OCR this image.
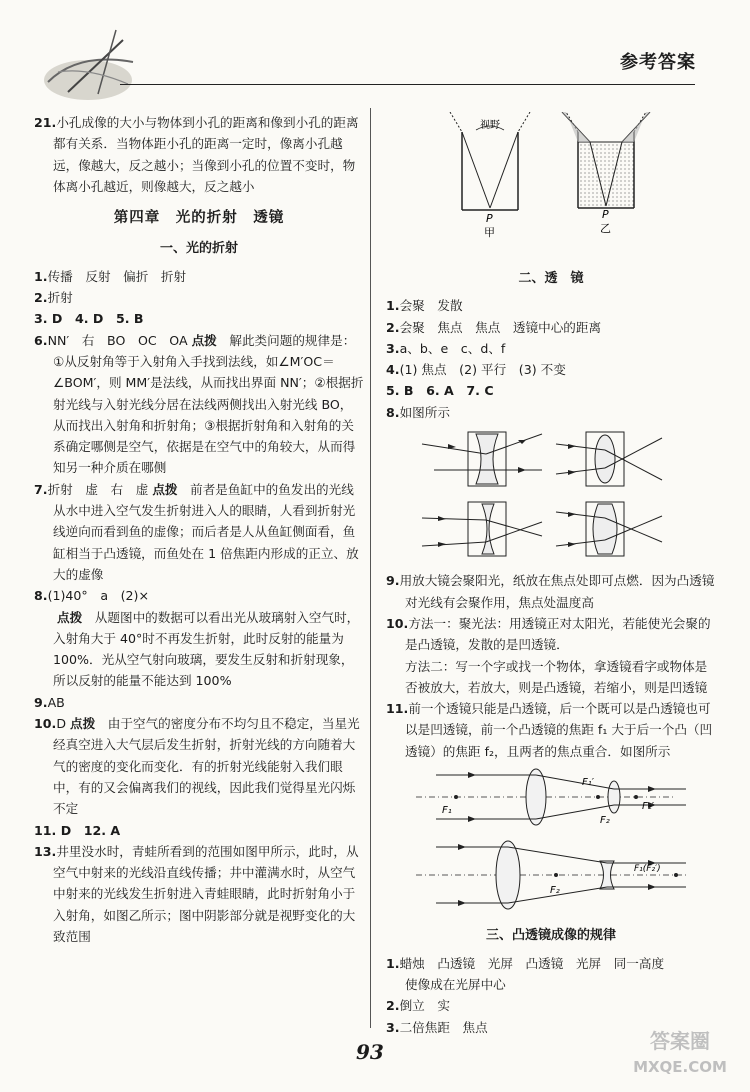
参考答案

21.小孔成像的大小与物体到小孔的距离和像到小孔的距离都有关系．当物体距小孔的距离一定时，像离小孔越远，像越大，反之越小；当像到小孔的位置不变时，物体离小孔越近，则像越大，反之越小

第四章　光的折射　透镜
一、光的折射

1.传播　反射　偏折　折射

2.折射

3. D　4. D　5. B

6.NN′　右　BO　OC　OA 点拨　 解此类问题的规律是：①从反射角等于入射角入手找到法线，如∠M′OC＝∠BOM′，则 MM′是法线，从而找出界面 NN′；②根据折射光线与入射光线分居在法线两侧找出入射光线 BO，从而找出入射角和折射角；③根据折射角和入射角的关系确定哪侧是空气，依据是在空气中的角较大，从而得知另一种介质在哪侧

7.折射　虚　右　虚 点拨　 前者是鱼缸中的鱼发出的光线从水中进入空气发生折射进入人的眼睛，人看到折射光线逆向而看到鱼的虚像；而后者是人从鱼缸侧面看，鱼缸相当于凸透镜，而鱼处在 1 倍焦距内形成的正立、放大的虚像

8.(1)40°　a　(2)×

点拨　 从题图中的数据可以看出光从玻璃射入空气时，入射角大于 40°时不再发生折射，此时反射的能量为 100%．光从空气射向玻璃，要发生反射和折射现象，所以反射的能量不能达到 100%

9.AB

10.D 点拨　 由于空气的密度分布不均匀且不稳定，当星光经真空进入大气层后发生折射，折射光线的方向随着大气的密度的变化而变化．有的折射光线能射入我们眼中，有的又会偏离我们的视线，因此我们觉得星光闪烁不定

11. D　12. A

13.井里没水时，青蛙所看到的范围如图甲所示，此时，从空气中射来的光线沿直线传播；井中灌满水时，从空气中射来的光线发生折射进入青蛙眼睛，此时折射角小于入射角，如图乙所示；图中阴影部分就是视野变化的大致范围

视野
P
甲
P
乙
二、透　镜

1.会聚　发散

2.会聚　焦点　焦点　透镜中心的距离

3.a、b、e　c、d、f

4.(1) 焦点　(2) 平行　(3) 不变

5. B　6. A　7. C

8.如图所示

9.用放大镜会聚阳光，纸放在焦点处即可点燃．因为凸透镜对光线有会聚作用，焦点处温度高

10.方法一：聚光法：用透镜正对太阳光，若能使光会聚的是凸透镜，发散的是凹透镜．

方法二：写一个字或找一个物体，拿透镜看字或物体是否被放大，若放大，则是凸透镜，若缩小，则是凹透镜

11.前一个透镜只能是凸透镜，后一个既可以是凸透镜也可以是凹透镜，前一个凸透镜的焦距 f₁ 大于后一个凸（凹透镜）的焦距 f₂，且两者的焦点重合．如图所示

F₁
F₁′
F₂
F₂′
F₂
F₁(F₂′)
三、凸透镜成像的规律

1.蜡烛　凸透镜　光屏　凸透镜　光屏　同一高度

使像成在光屏中心

2.倒立　实

3.二倍焦距　焦点

93	答案圈
MXQE.COM
